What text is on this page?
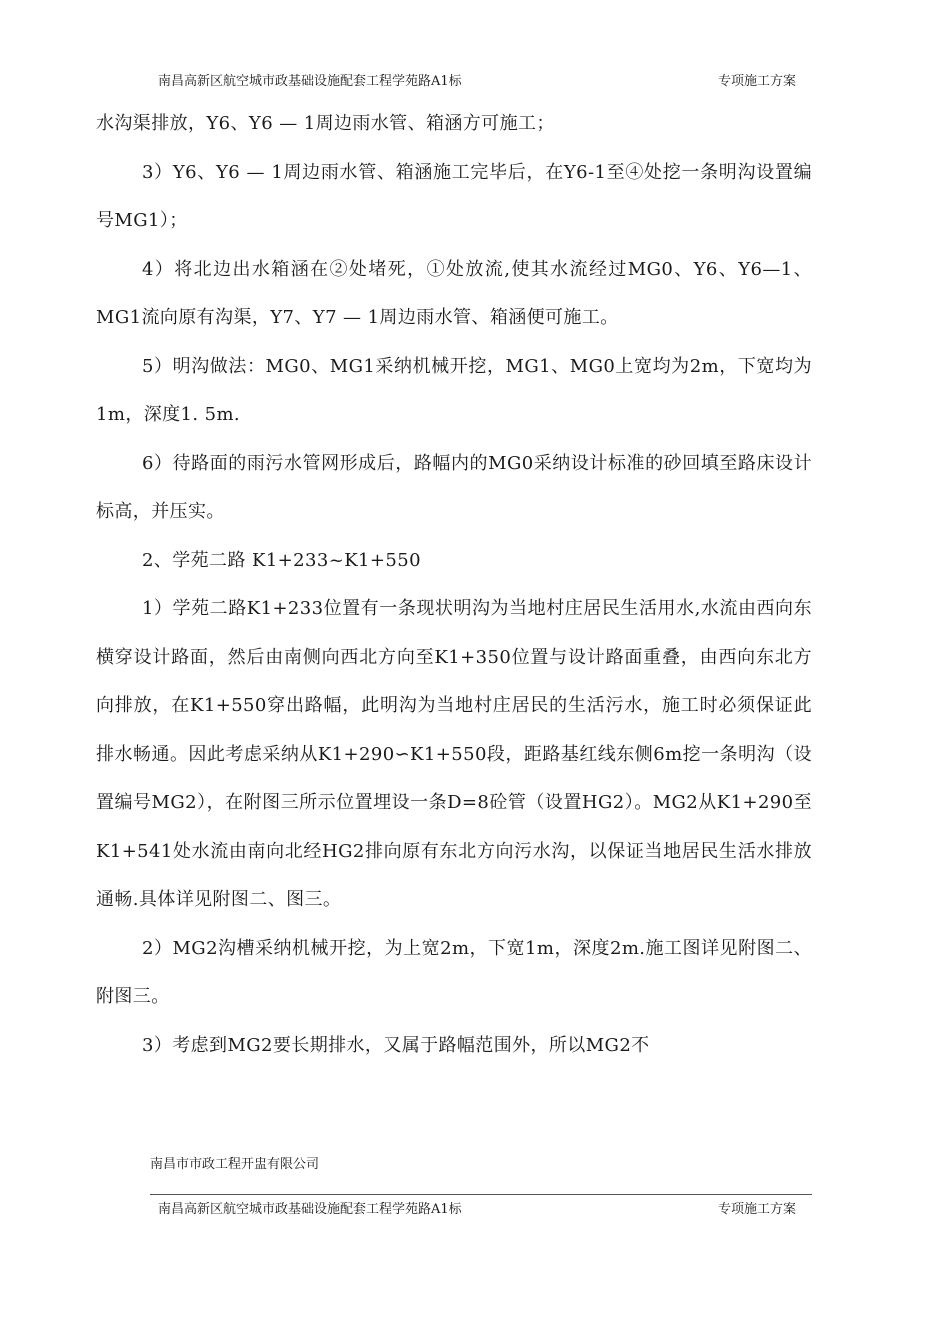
南昌高新区航空城市政基础设施配套工程学苑路A1标	专项施工方案

水沟渠排放，Y6、Y6 — 1周边雨水管、箱涵方可施工；

3）Y6、Y6 — 1周边雨水管、箱涵施工完毕后，在Y6-1至④处挖一条明沟设置编号MG1）；

4）将北边出水箱涵在②处堵死，①处放流,使其水流经过MG0、Y6、Y6—1、MG1流向原有沟渠，Y7、Y7 — 1周边雨水管、箱涵便可施工。

5）明沟做法：MG0、MG1采纳机械开挖，MG1、MG0上宽均为2m，下宽均为1m，深度1. 5m.

6）待路面的雨污水管网形成后，路幅内的MG0采纳设计标准的砂回填至路床设计标高，并压实。

2、学苑二路 K1+233~K1+550

1）学苑二路K1+233位置有一条现状明沟为当地村庄居民生活用水,水流由西向东横穿设计路面，然后由南侧向西北方向至K1+350位置与设计路面重叠，由西向东北方向排放，在K1+550穿出路幅，此明沟为当地村庄居民的生活污水，施工时必须保证此排水畅通。因此考虑采纳从K1+290∽K1+550段，距路基红线东侧6m挖一条明沟（设置编号MG2），在附图三所示位置埋设一条D=8砼管（设置HG2）。MG2从K1+290至K1+541处水流由南向北经HG2排向原有东北方向污水沟，以保证当地居民生活水排放通畅.具体详见附图二、图三。

2）MG2沟槽采纳机械开挖，为上宽2m，下宽1m，深度2m.施工图详见附图二、附图三。

3）考虑到MG2要长期排水，又属于路幅范围外，所以MG2不

南昌市市政工程开盅有限公司
南昌高新区航空城市政基础设施配套工程学苑路A1标	专项施工方案
